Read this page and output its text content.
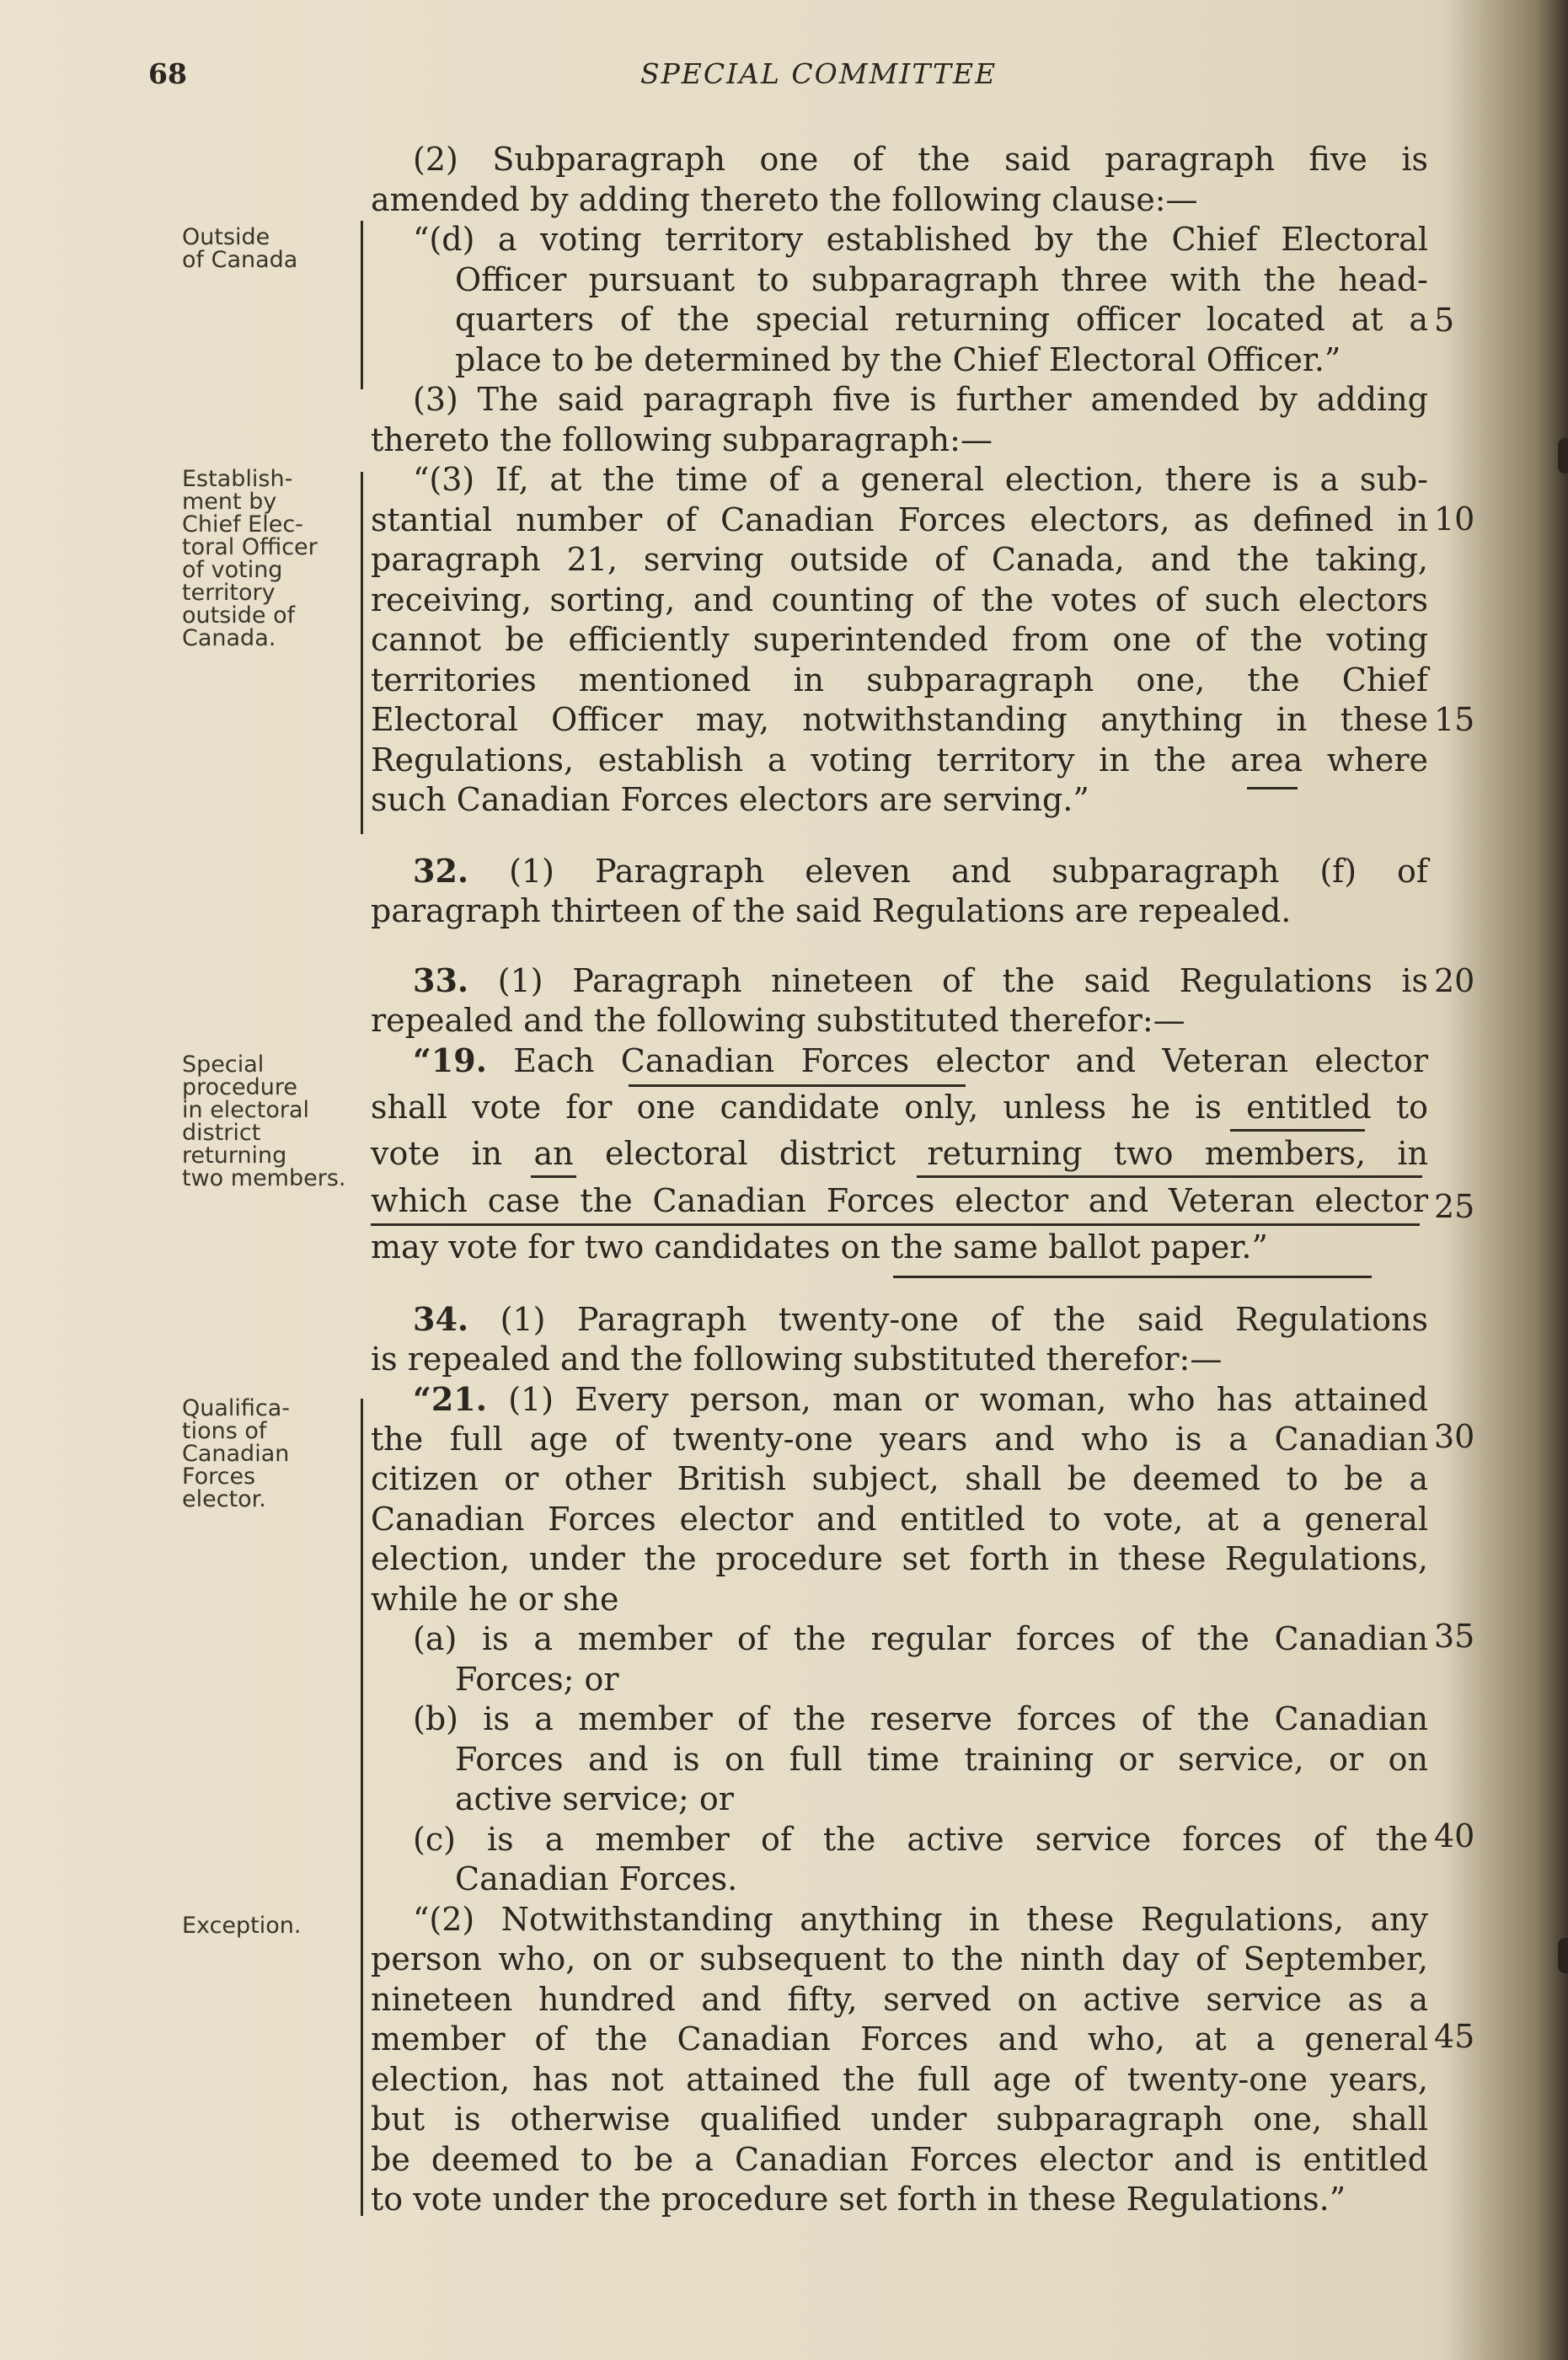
68	SPECIAL COMMITTEE
Outside
of Canada
Establish-
ment by
Chief Elec-
toral Officer
of voting
territory
outside of
Canada.
Special
procedure
in electoral
district
returning
two members.
Qualifica-
tions of
Canadian
Forces
elector.
Exception.
5
10
15
20
25
30
35
40
45
(2) Subparagraph one of the said paragraph five is
amended by adding thereto the following clause:—
“(d) a voting territory established by the Chief Electoral
Officer pursuant to subparagraph three with the head-
quarters of the special returning officer located at a
place to be determined by the Chief Electoral Officer.”
(3) The said paragraph five is further amended by adding
thereto the following subparagraph:—
“(3) If, at the time of a general election, there is a sub-
stantial number of Canadian Forces electors, as defined in
paragraph 21, serving outside of Canada, and the taking,
receiving, sorting, and counting of the votes of such electors
cannot be efficiently superintended from one of the voting
territories mentioned in subparagraph one, the Chief
Electoral Officer may, notwithstanding anything in these
Regulations, establish a voting territory in the area where
such Canadian Forces electors are serving.”
32. (1) Paragraph eleven and subparagraph (f) of
paragraph thirteen of the said Regulations are repealed.
33. (1) Paragraph nineteen of the said Regulations is
repealed and the following substituted therefor:—
“19. Each Canadian Forces elector and Veteran elector
shall vote for one candidate only, unless he is entitled to
vote in an electoral district returning two members, in
which case the Canadian Forces elector and Veteran elector
may vote for two candidates on the same ballot paper.”
34. (1) Paragraph twenty-one of the said Regulations
is repealed and the following substituted therefor:—
“21. (1) Every person, man or woman, who has attained
the full age of twenty-one years and who is a Canadian
citizen or other British subject, shall be deemed to be a
Canadian Forces elector and entitled to vote, at a general
election, under the procedure set forth in these Regulations,
while he or she
(a) is a member of the regular forces of the Canadian
Forces; or
(b) is a member of the reserve forces of the Canadian
Forces and is on full time training or service, or on
active service; or
(c) is a member of the active service forces of the
Canadian Forces.
“(2) Notwithstanding anything in these Regulations, any
person who, on or subsequent to the ninth day of September,
nineteen hundred and fifty, served on active service as a
member of the Canadian Forces and who, at a general
election, has not attained the full age of twenty-one years,
but is otherwise qualified under subparagraph one, shall
be deemed to be a Canadian Forces elector and is entitled
to vote under the procedure set forth in these Regulations.”
